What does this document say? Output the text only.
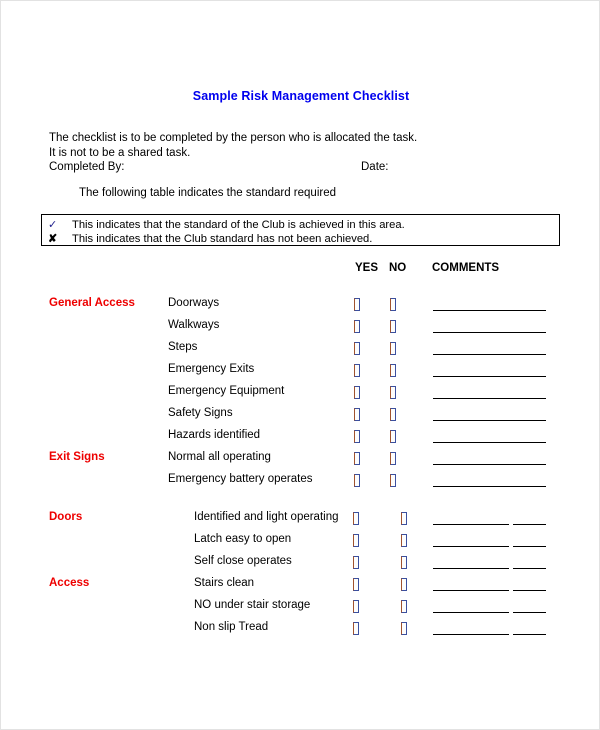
Sample Risk Management Checklist
The checklist is to be completed by the person who is allocated the task.
It is not to be a shared task.
Completed By:	Date:
The following table indicates the standard required
✓ This indicates that the standard of the Club is achieved in this area.
✘ This indicates that the Club standard has not been achieved.
YES NO COMMENTS
General Access	Doorways
Walkways
Steps
Emergency Exits
Emergency Equipment
Safety Signs
Hazards identified
Exit Signs	Normal all operating
Emergency battery operates
Doors	Identified and light operating
Latch easy to open
Self close operates
Access	Stairs clean
NO under stair storage
Non slip Tread
